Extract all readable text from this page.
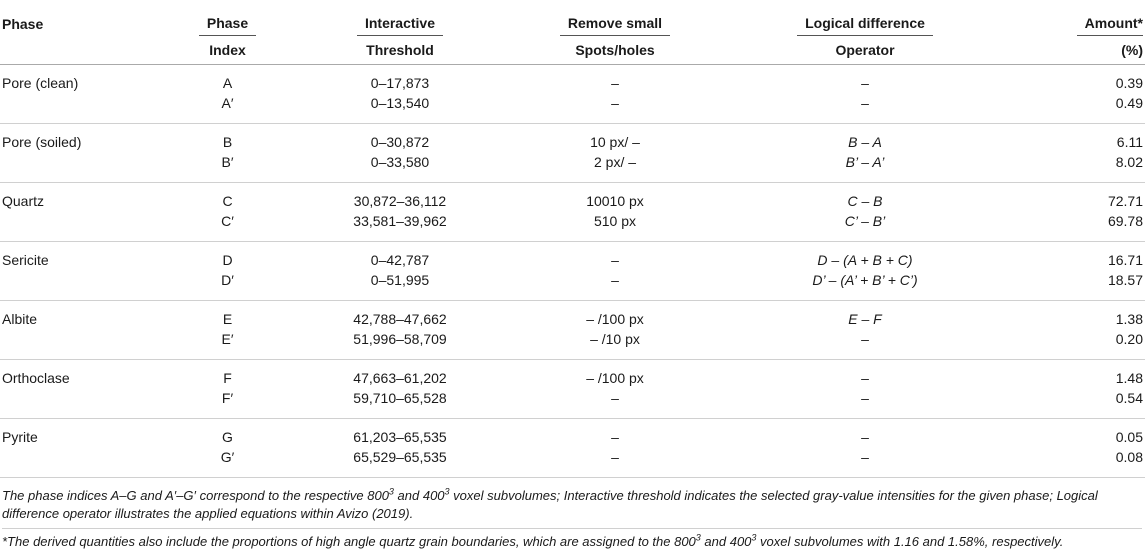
Phase	Phase	Interactive	Remove small	Logical difference	Amount*
	Index	Threshold	Spots/holes	Operator	(%)
Pore (clean)	A	0–17,873	–	–	0.39
	A′	0–13,540	–	–	0.49
Pore (soiled)	B	0–30,872	10 px/ –	B – A	6.11
	B′	0–33,580	2 px/ –	B’ – A’	8.02
Quartz	C	30,872–36,112	10010 px	C – B	72.71
	C′	33,581–39,962	510 px	C’ – B’	69.78
Sericite	D	0–42,787	–	D – (A + B + C)	16.71
	D′	0–51,995	–	D’ – (A’ + B’ + C’)	18.57
Albite	E	42,788–47,662	– /100 px	E – F	1.38
	E′	51,996–58,709	– /10 px	–	0.20
Orthoclase	F	47,663–61,202	– /100 px	–	1.48
	F′	59,710–65,528	–	–	0.54
Pyrite	G	61,203–65,535	–	–	0.05
	G′	65,529–65,535	–	–	0.08

The phase indices A–G and A′–G′ correspond to the respective $800^3$ and $400^3$ voxel subvolumes; Interactive threshold indicates the selected gray-value intensities for the given phase; Logical difference operator illustrates the applied equations within Avizo (2019).

*The derived quantities also include the proportions of high angle quartz grain boundaries, which are assigned to the $800^3$ and $400^3$ voxel subvolumes with 1.16 and 1.58%, respectively.
